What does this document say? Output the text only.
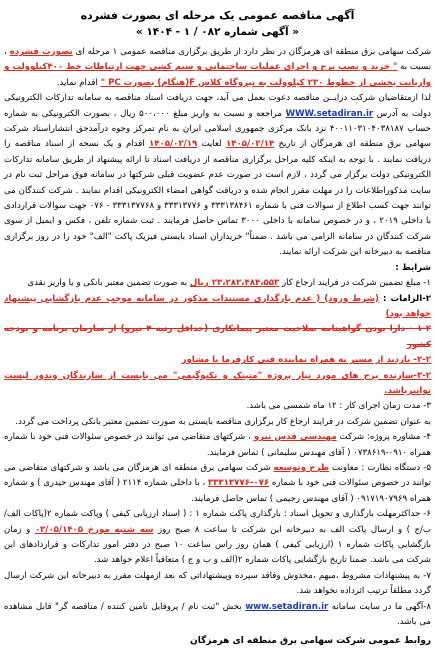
آگهی مناقصه عمومی یک مرحله ای بصورت فشرده

« آگهی شماره ۰۸۲ / ۱ - ۱۴۰۴ »

شرکت سهامی برق منطقه ای هرمزگان در نظر دارد از طریق برگزاری مناقصه عمومی ۱ مرحله ای بصورت فشرده ، نسبت به " خرید و نصب برج و اجرای عملیات ساختمانی و سیم کشی جهت ارتباطات خط ۴۰۰کیلوولت و واریانت بخشی از خطوط ۲۳۰ کیلوولت به نیروگاه کلاس F(هنگام) بصورت PC " اقدام نماید.

لذا ازمتقاضیان شرکت درایــن مناقصه دعوت بعمل می آید، جهت دریافت اسناد مناقصه به سامانه تدارکات الکترونیکی دولت به آدرس WWW.setadiran.ir مراجعه و نسبت به واریز مبلغ ۵۰۰،۰۰۰ ریال ، بصورت الکترونیکی به شماره حساب ۴۰۰۱۱۰۳۱۰۴۰۳۸۱۸۷ نزد بانک مرکزی جمهوری اسلامی ایران به نام تمرکز وجوه درآمدحق انتشاراسناد شرکت سهامی برق منطقه ای هرمزگان از تاریخ ۱۴۰۵/۰۲/۱۴ لغایت ۱۴۰۵/۰۲/۱۹ اقدام و یک نسخه از اسناد مناقصه را دریافت نمایند . با توجه به اینکه کلیه مراحل برگزاری مناقصه از دریافت اسناد تا ارائه پیشنهاد از طریق سامانه تدارکات الکترونیکی دولت برگزار می گردد ، لازم است در صورت عدم عضویت قبلی شرکتها در سامانه فوق مراحل ثبت نام در سایت مذکوراطلاعات را در مهلت مقرر انجام شده و دریافت گواهی امضاء الکترونیکی اقدام نمایند . شرکت کنندگان می توانند جهت کسب اطلاع از سوالات فنی با شماره ۳۳۳۱۳۸۴۶۱ و ۳۳۳۱۳۷۷۶ و ۳۳۳۱۳۷۷۶۸ - ۰۷۶ جهت سوالات قراردادی با داخلی ۲۰۱۹ ، و در خصوص سامانه با داخلی ۳۰۰۰ تماس حاصل فرمایند . ثبت شماره تلفن ، فکس و ایمیل از سوی شرکت کنندگان در سامانه الزامی می باشد . ضمناً" خریداران اسناد بایستی فیزیک پاکت "الف" خود را در روز برگزاری مناقصه به دبیرخانه این شرکت ارائه نمایند.

شرایط :

۱- مبلغ تضمین شرکت در فرایند ارجاع کار ۲۳،۲۸۲،۴۸۴،۵۵۳ ریال به صورت تضمین معتبر بانکی و یا واریز نقدی

۲-الزامات : (شرط ورود) ( عدم بارگذاری مستندات مذکور در سامانه موجب عدم بازگشایی پیشنهاد خواهد بود)

۱-۲ - دارا بودن گواهینامه صلاحیت معتبر پیمانکاری (حداقل رتبه ۴ نیرو) از سازمان برنامه و بودجه کشور

۲-۲- بازدید از مسیر به همراه نماینده فنی کارفرما با مشاور

۳-۲-سازنده برج های مورد نیاز پروژه "متینک و تکنوگیمی" می بایست از سازندگان وندور لیست توانیرباشد.

۳- مدت زمان اجرای کار : ۱۲ ماه شمسی می باشد.

به عنوان تضمین شرکت در فرایند ارجاع کار برگزاری مناقصه بایستی به صورت تضمین معتبر بانکی پرداخت می گردد.

۴- مشاوره پروژه: شرکت مهندسی قدس نیرو ، شرکتهای متقاضی می توانند در خصوص سئوالات فنی خود با شماره همراه ۰۹۱۰-۰۷۳۸۶۱۹ ( آقای مهندس سلیمانی ) تماس فرمایند.

۵- دستگاه نظارت : معاونت طرح وتوسعه شرکت سهامی برق منطقه ای هرمزگان می باشد و شرکتهای متقاضی می توانند در خصوص سئوالات فنی خود با شماره ۰۷۶-۳۳۳۱۳۷۷۶ ، با داخلی شماره ۲۱۱۴ ( آقای مهندس حیدری ) و شماره همراه ۰۹۱۷۱۹۰۷۹۶۹ ( آقای مهندس رحیمی ) تماس حاصل فرمایند.

۶- حداکثرمهلت بارگذاری و تحویل اسناد : بارگذاری پاکت شماره ۱ : ( اسناد ارزیابی کیفی ) وپاکت شماره ۲(پاکات الف/ب/ج ) و ارسال پاکت الف به دبیرخانه این شرکت تا ساعت ۸ صبح روز سه شنبه مورخ ۰۳/۰۵/۱۴۰۵ و زمان بازگشایی پاکات شماره ۱ (ارزیابی کیفی ) همان روز راس ساعت ۱۰ صبح در دفتر امور تدارکات و قراردادهای این شرکت می باشد. ضمنا تاریخ بازگشایی پاکات شماره ۲(الف و ب و ج ) متعاقباً اعلام خواهد شد.

۷- به پیشنهادات مشروط ،مبهم ،مخدوش وفاقد سپرده وپیشنهاداتی که بعد ازمهلت مقرر به دبیرخانه این شرکت ارسال گردد مطلقاً ترتیب اثرداده نخواهد شد.

۸-آگهی ما در سایت سامانه www.setadiran.ir بخش "ثبت نام / پروفایل تامین کننده / مناقصه گر" قابل مشاهده می باشد.

روابط عمومی شرکت سهامی برق منطقه ای هرمزگان
